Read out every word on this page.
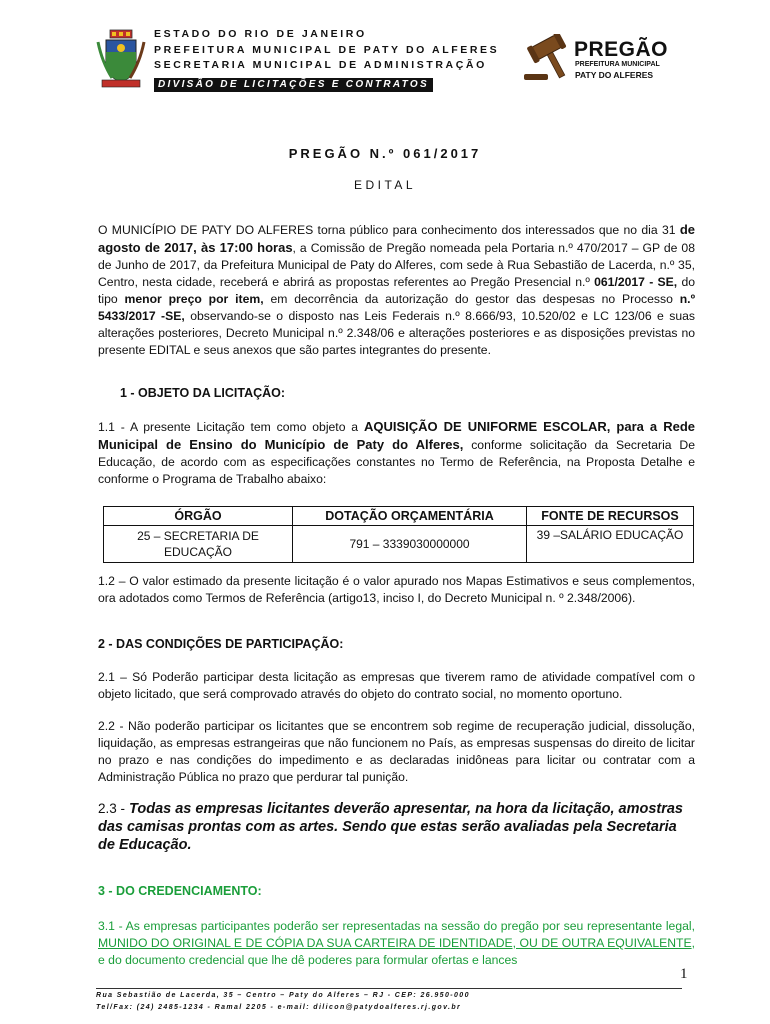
ESTADO DO RIO DE JANEIRO
PREFEITURA MUNICIPAL DE PATY DO ALFERES
SECRETARIA MUNICIPAL DE ADMINISTRAÇÃO
DIVISÃO DE LICITAÇÕES E CONTRATOS
PREGÃO
PREFEITURA MUNICIPAL
PATY DO ALFERES
PREGÃO N.º 061/2017
EDITAL
O MUNICÍPIO DE PATY DO ALFERES torna público para conhecimento dos interessados que no dia 31 de agosto de 2017, às 17:00 horas, a Comissão de Pregão nomeada pela Portaria n.º 470/2017 – GP de 08 de Junho de 2017, da Prefeitura Municipal de Paty do Alferes, com sede à Rua Sebastião de Lacerda, n.º 35, Centro, nesta cidade, receberá e abrirá as propostas referentes ao Pregão Presencial n.º 061/2017 - SE, do tipo menor preço por item, em decorrência da autorização do gestor das despesas no Processo n.º 5433/2017 -SE, observando-se o disposto nas Leis Federais n.º 8.666/93, 10.520/02 e LC 123/06 e suas alterações posteriores, Decreto Municipal n.º 2.348/06 e alterações posteriores e as disposições previstas no presente EDITAL e seus anexos que são partes integrantes do presente.
1 - OBJETO DA LICITAÇÃO:
1.1 - A presente Licitação tem como objeto a AQUISIÇÃO DE UNIFORME ESCOLAR, para a Rede Municipal de Ensino do Município de Paty do Alferes, conforme solicitação da Secretaria De Educação, de acordo com as especificações constantes no Termo de Referência, na Proposta Detalhe e conforme o Programa de Trabalho abaixo:
ÓRGÃO	DOTAÇÃO ORÇAMENTÁRIA	FONTE DE RECURSOS
25 – SECRETARIA DE EDUCAÇÃO	791 – 3339030000000	39 –SALÁRIO EDUCAÇÃO
1.2 – O valor estimado da presente licitação é o valor apurado nos Mapas Estimativos e seus complementos, ora adotados como Termos de Referência (artigo13, inciso I, do Decreto Municipal n. º 2.348/2006).
2 - DAS CONDIÇÕES DE PARTICIPAÇÃO:
2.1 – Só Poderão participar desta licitação as empresas que tiverem ramo de atividade compatível com o objeto licitado, que será comprovado através do objeto do contrato social, no momento oportuno.
2.2 - Não poderão participar os licitantes que se encontrem sob regime de recuperação judicial, dissolução, liquidação, as empresas estrangeiras que não funcionem no País, as empresas suspensas do direito de licitar no prazo e nas condições do impedimento e as declaradas inidôneas para licitar ou contratar com a Administração Pública no prazo que perdurar tal punição.
2.3 - Todas as empresas licitantes deverão apresentar, na hora da licitação, amostras das camisas prontas com as artes. Sendo que estas serão avaliadas pela Secretaria de Educação.
3 - DO CREDENCIAMENTO:
3.1 - As empresas participantes poderão ser representadas na sessão do pregão por seu representante legal, MUNIDO DO ORIGINAL E DE CÓPIA DA SUA CARTEIRA DE IDENTIDADE, OU DE OUTRA EQUIVALENTE, e do documento credencial que lhe dê poderes para formular ofertas e lances
1
Rua Sebastião de Lacerda, 35 – Centro – Paty do Alferes – RJ - CEP: 26.950-000
Tel/Fax: (24) 2485-1234 - Ramal 2205 - e-mail: dilicon@patydoalferes.rj.gov.br
